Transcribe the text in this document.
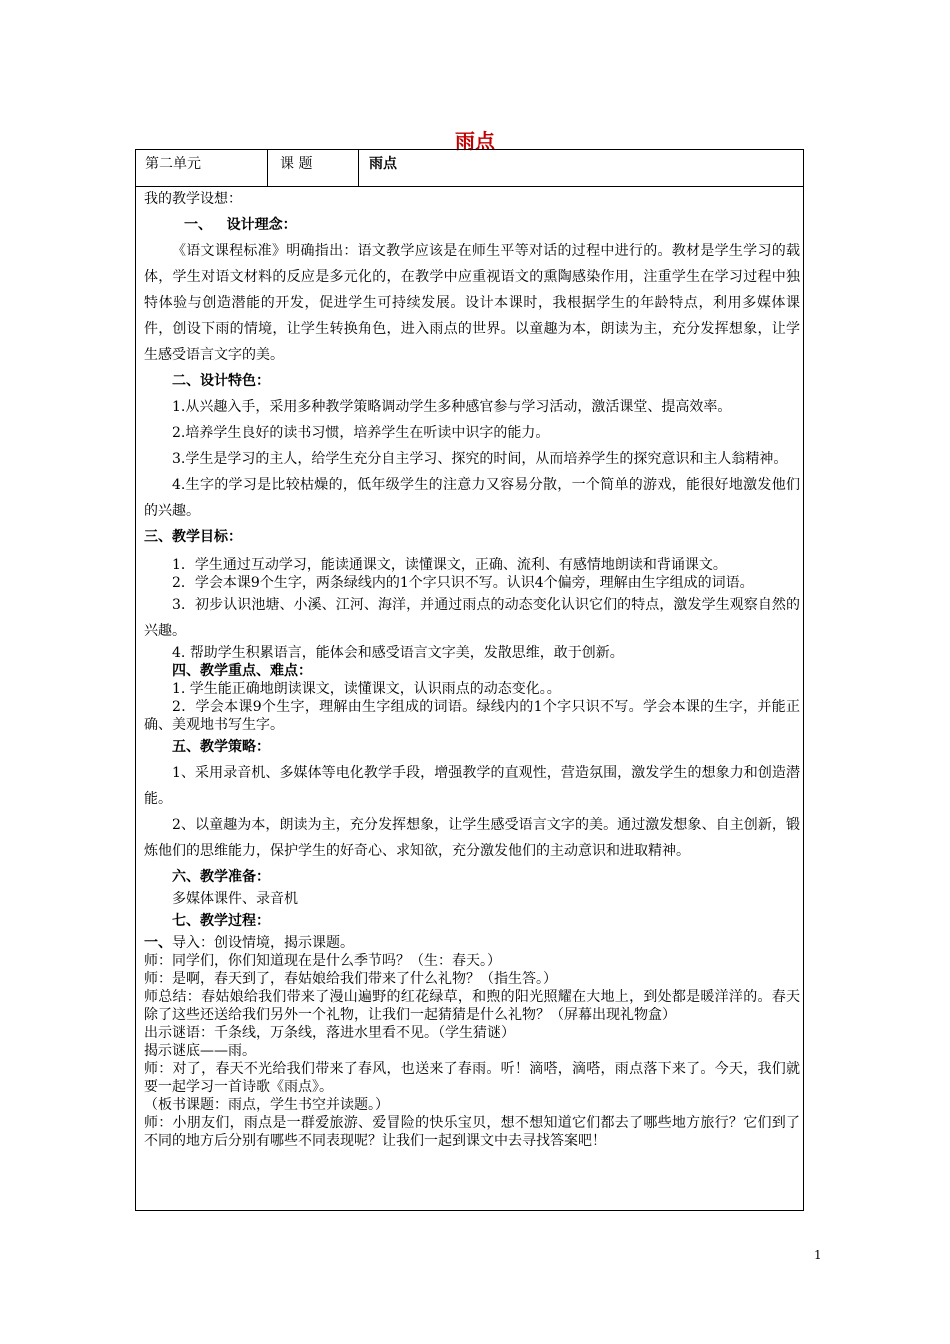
雨点
第二单元	课 题	雨点

我的教学设想：

一、   设计理念：

《语文课程标准》明确指出：语文教学应该是在师生平等对话的过程中进行的。教材是学生学习的载体，学生对语文材料的反应是多元化的，在教学中应重视语文的熏陶感染作用，注重学生在学习过程中独特体验与创造潜能的开发，促进学生可持续发展。设计本课时，我根据学生的年龄特点，利用多媒体课件，创设下雨的情境，让学生转换角色，进入雨点的世界。以童趣为本，朗读为主，充分发挥想象，让学生感受语言文字的美。

二、设计特色：

1.从兴趣入手，采用多种教学策略调动学生多种感官参与学习活动，激活课堂、提高效率。

2.培养学生良好的读书习惯，培养学生在听读中识字的能力。

3.学生是学习的主人，给学生充分自主学习、探究的时间，从而培养学生的探究意识和主人翁精神。

4.生字的学习是比较枯燥的，低年级学生的注意力又容易分散，一个简单的游戏，能很好地激发他们的兴趣。

三、教学目标：

1．学生通过互动学习，能读通课文，读懂课文，正确、流利、有感情地朗读和背诵课文。

2．学会本课9个生字，两条绿线内的1个字只识不写。认识4个偏旁，理解由生字组成的词语。

3．初步认识池塘、小溪、江河、海洋，并通过雨点的动态变化认识它们的特点，激发学生观察自然的兴趣。

4. 帮助学生积累语言，能体会和感受语言文字美，发散思维，敢于创新。

四、教学重点、难点：

1. 学生能正确地朗读课文，读懂课文，认识雨点的动态变化。。

2．学会本课9个生字，理解由生字组成的词语。绿线内的1个字只识不写。学会本课的生字，并能正确、美观地书写生字。

五、教学策略：

1、采用录音机、多媒体等电化教学手段，增强教学的直观性，营造氛围，激发学生的想象力和创造潜能。

2、以童趣为本，朗读为主，充分发挥想象，让学生感受语言文字的美。通过激发想象、自主创新，锻炼他们的思维能力，保护学生的好奇心、求知欲，充分激发他们的主动意识和进取精神。

六、教学准备：

多媒体课件、录音机

七、教学过程：

一、导入：创设情境，揭示课题。

师：同学们，你们知道现在是什么季节吗？（生：春天。）

师：是啊，春天到了，春姑娘给我们带来了什么礼物？（指生答。）

师总结：春姑娘给我们带来了漫山遍野的红花绿草，和煦的阳光照耀在大地上，到处都是暖洋洋的。春天除了这些还送给我们另外一个礼物，让我们一起猜猜是什么礼物？（屏幕出现礼物盒）

出示谜语：千条线，万条线，落进水里看不见。（学生猜谜）

揭示谜底——雨。

师：对了，春天不光给我们带来了春风，也送来了春雨。听！滴嗒，滴嗒，雨点落下来了。今天，我们就要一起学习一首诗歌《雨点》。

（板书课题：雨点，学生书空并读题。）

师：小朋友们，雨点是一群爱旅游、爱冒险的快乐宝贝，想不想知道它们都去了哪些地方旅行？它们到了不同的地方后分别有哪些不同表现呢？让我们一起到课文中去寻找答案吧！

1
